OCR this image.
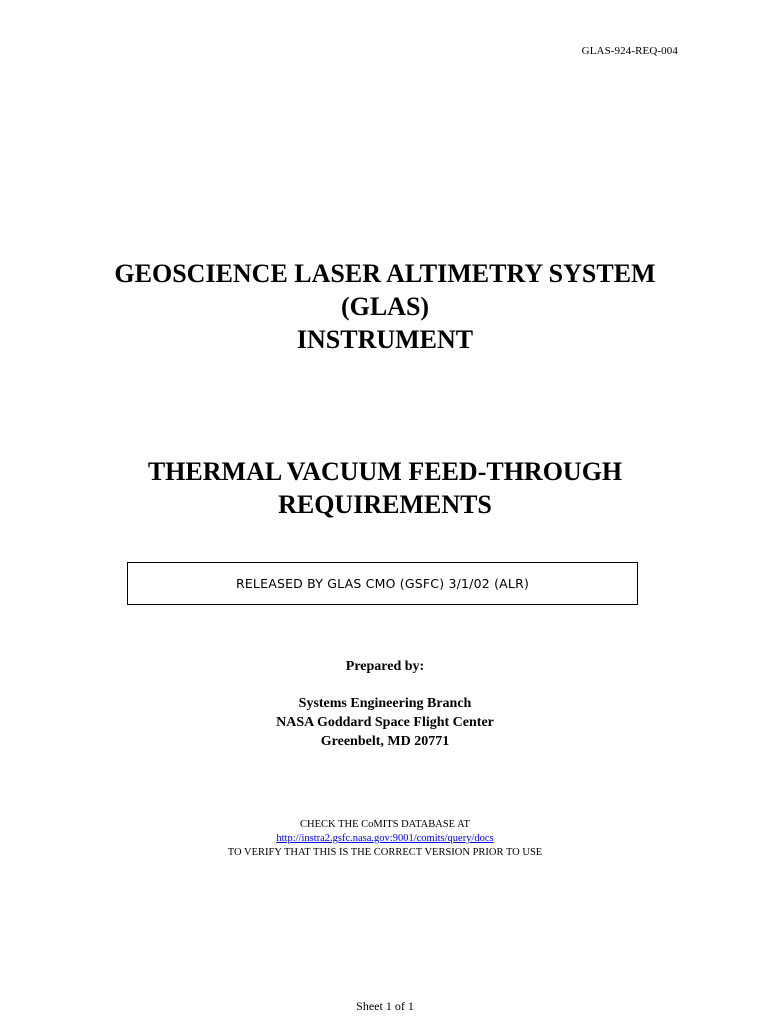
GLAS-924-REQ-004
GEOSCIENCE LASER ALTIMETRY SYSTEM
(GLAS)
INSTRUMENT
THERMAL VACUUM FEED-THROUGH
REQUIREMENTS
RELEASED BY GLAS CMO (GSFC) 3/1/02 (ALR)
Prepared by:
Systems Engineering Branch
NASA Goddard Space Flight Center
Greenbelt, MD 20771
CHECK THE CoMITS DATABASE AT
http://instra2.gsfc.nasa.gov:9001/comits/query/docs
TO VERIFY THAT THIS IS THE CORRECT VERSION PRIOR TO USE
Sheet 1 of 1
